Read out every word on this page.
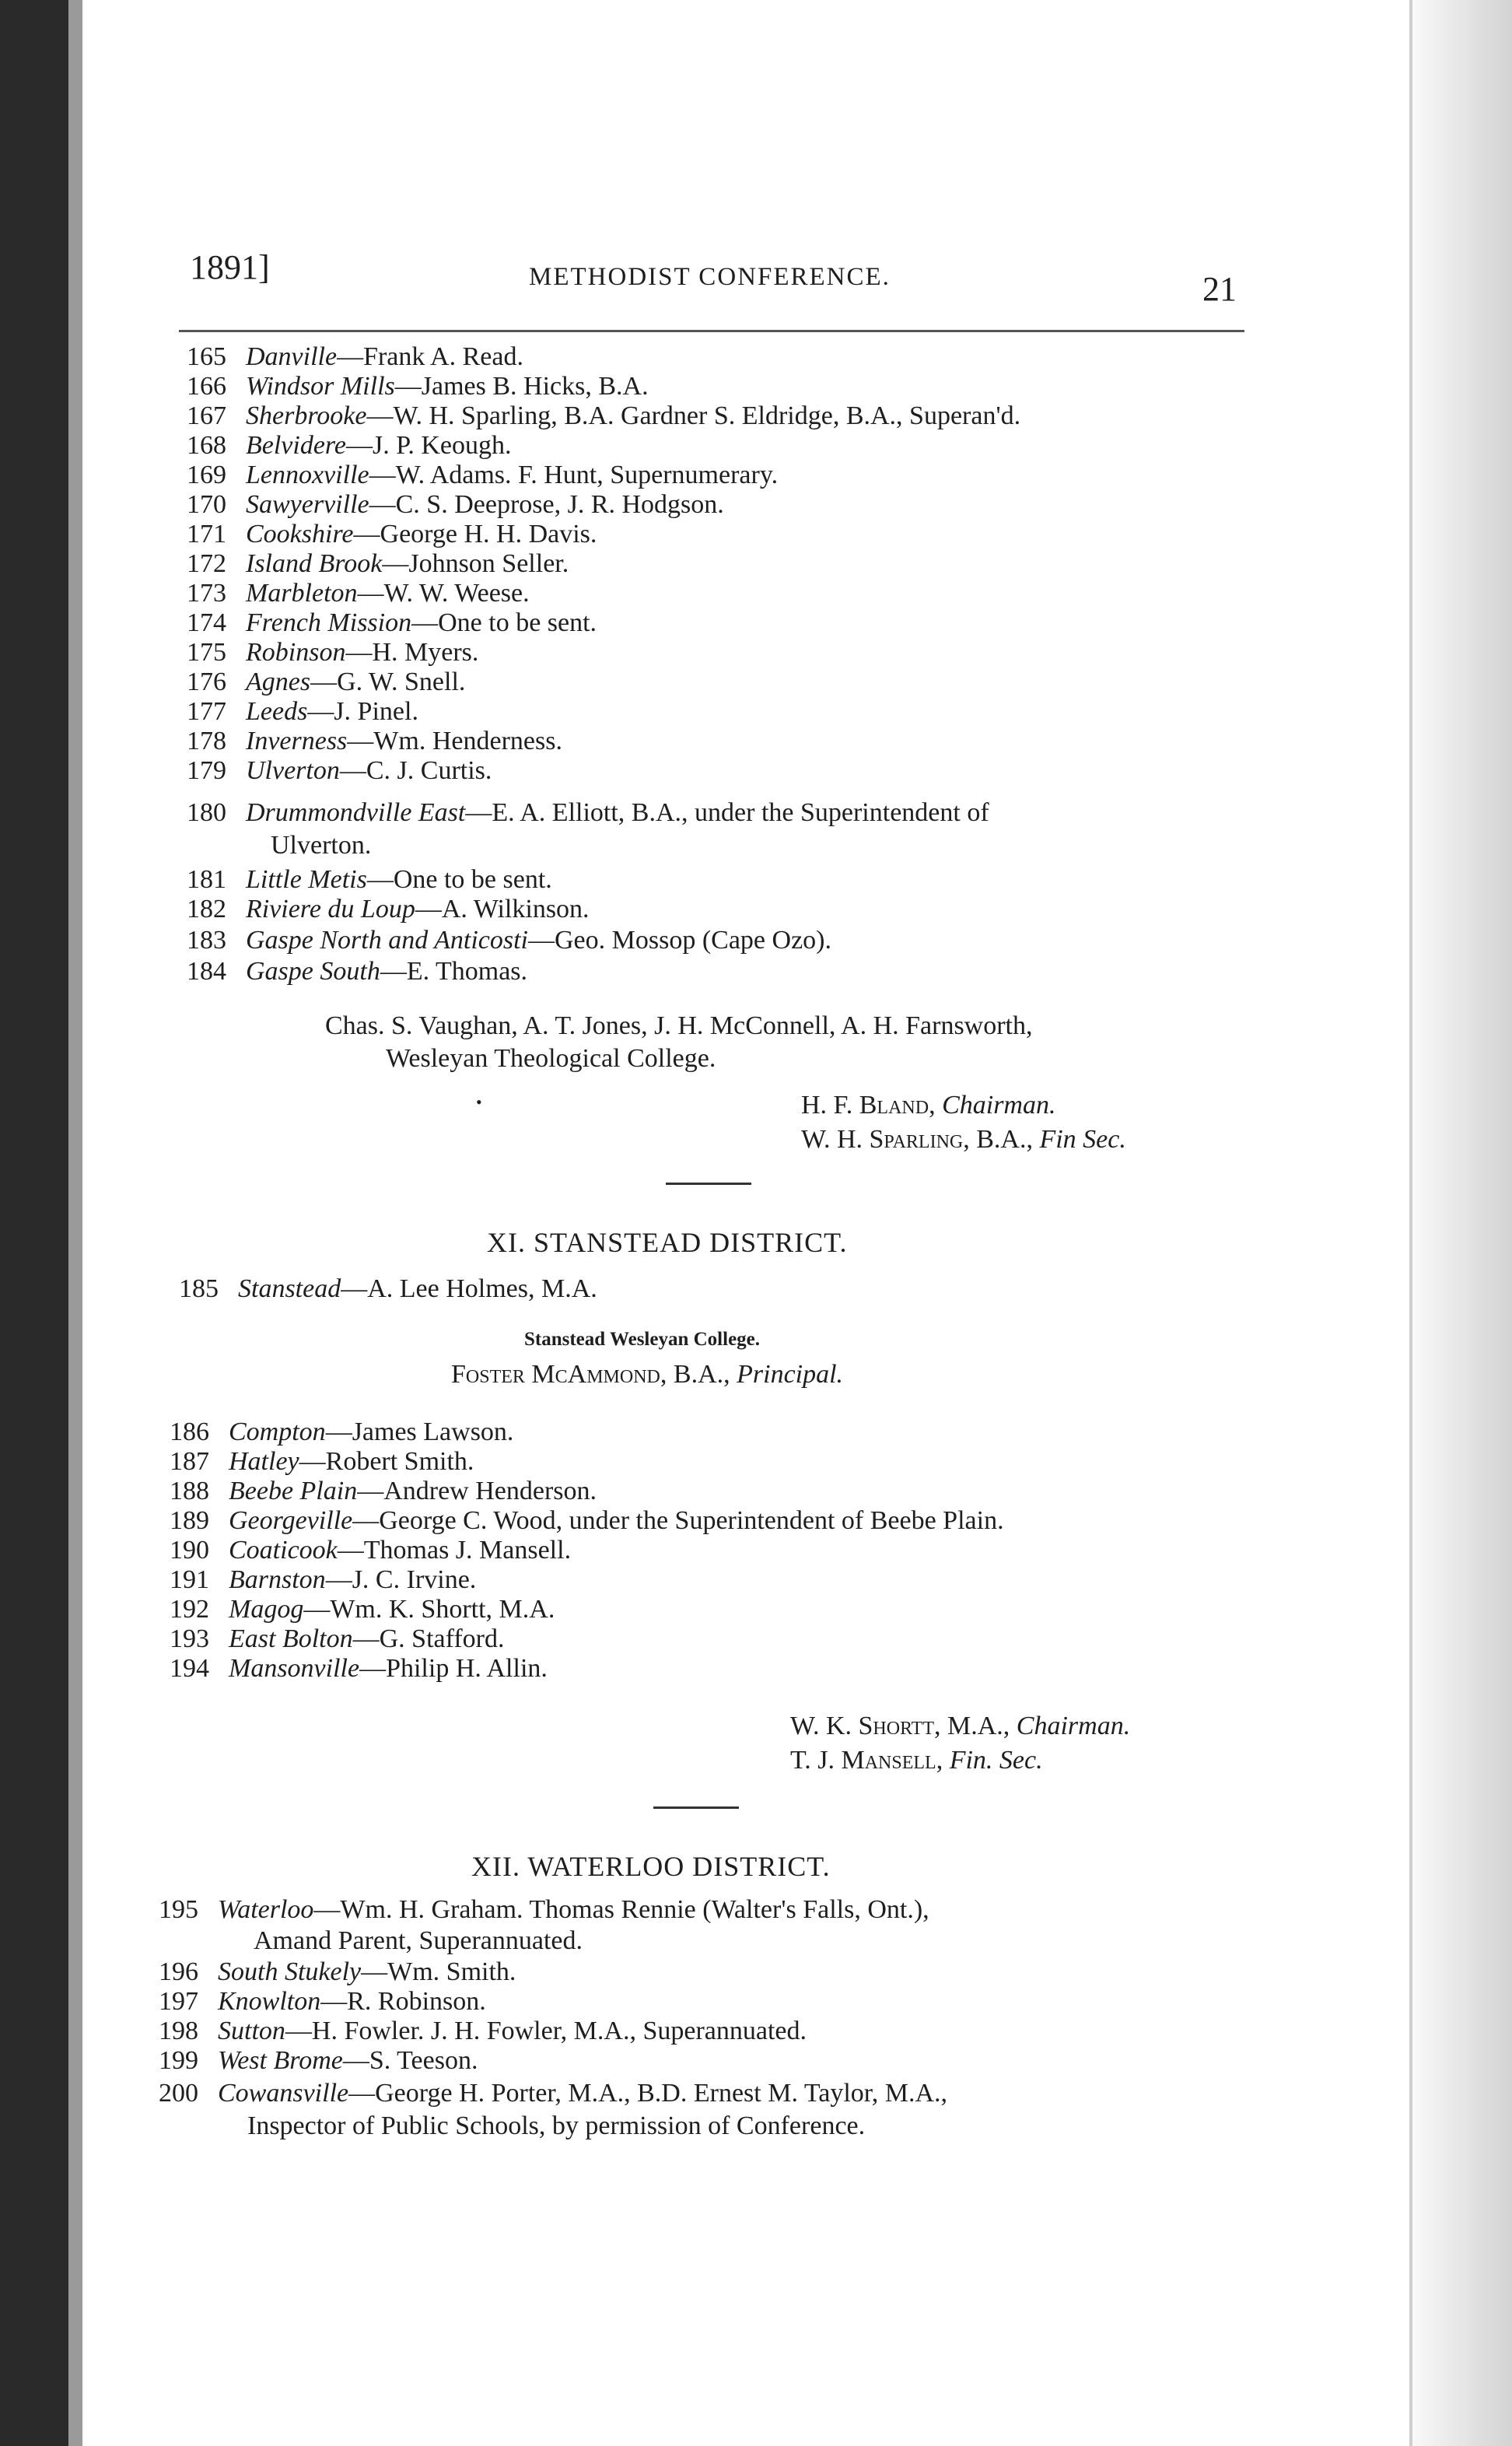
1891]	METHODIST CONFERENCE.	21
165 Danville—Frank A. Read.
166 Windsor Mills—James B. Hicks, B.A.
167 Sherbrooke—W. H. Sparling, B.A. Gardner S. Eldridge, B.A., Superan'd.
168 Belvidere—J. P. Keough.
169 Lennoxville—W. Adams. F. Hunt, Supernumerary.
170 Sawyerville—C. S. Deeprose, J. R. Hodgson.
171 Cookshire—George H. H. Davis.
172 Island Brook—Johnson Seller.
173 Marbleton—W. W. Weese.
174 French Mission—One to be sent.
175 Robinson—H. Myers.
176 Agnes—G. W. Snell.
177 Leeds—J. Pinel.
178 Inverness—Wm. Henderness.
179 Ulverton—C. J. Curtis.
180 Drummondville East—E. A. Elliott, B.A., under the Superintendent of
Ulverton.
181 Little Metis—One to be sent.
182 Riviere du Loup—A. Wilkinson.
183 Gaspe North and Anticosti—Geo. Mossop (Cape Ozo).
184 Gaspe South—E. Thomas.
Chas. S. Vaughan, A. T. Jones, J. H. McConnell, A. H. Farnsworth,
Wesleyan Theological College.
•	H. F. Bland, Chairman.
W. H. Sparling, B.A., Fin Sec.
XI. STANSTEAD DISTRICT.
185 Stanstead—A. Lee Holmes, M.A.
Stanstead Wesleyan College.
Foster McAmmond, B.A., Principal.
186 Compton—James Lawson.
187 Hatley—Robert Smith.
188 Beebe Plain—Andrew Henderson.
189 Georgeville—George C. Wood, under the Superintendent of Beebe Plain.
190 Coaticook—Thomas J. Mansell.
191 Barnston—J. C. Irvine.
192 Magog—Wm. K. Shortt, M.A.
193 East Bolton—G. Stafford.
194 Mansonville—Philip H. Allin.
W. K. Shortt, M.A., Chairman.
T. J. Mansell, Fin. Sec.
XII. WATERLOO DISTRICT.
195 Waterloo—Wm. H. Graham. Thomas Rennie (Walter's Falls, Ont.),
Amand Parent, Superannuated.
196 South Stukely—Wm. Smith.
197 Knowlton—R. Robinson.
198 Sutton—H. Fowler. J. H. Fowler, M.A., Superannuated.
199 West Brome—S. Teeson.
200 Cowansville—George H. Porter, M.A., B.D. Ernest M. Taylor, M.A.,
Inspector of Public Schools, by permission of Conference.
